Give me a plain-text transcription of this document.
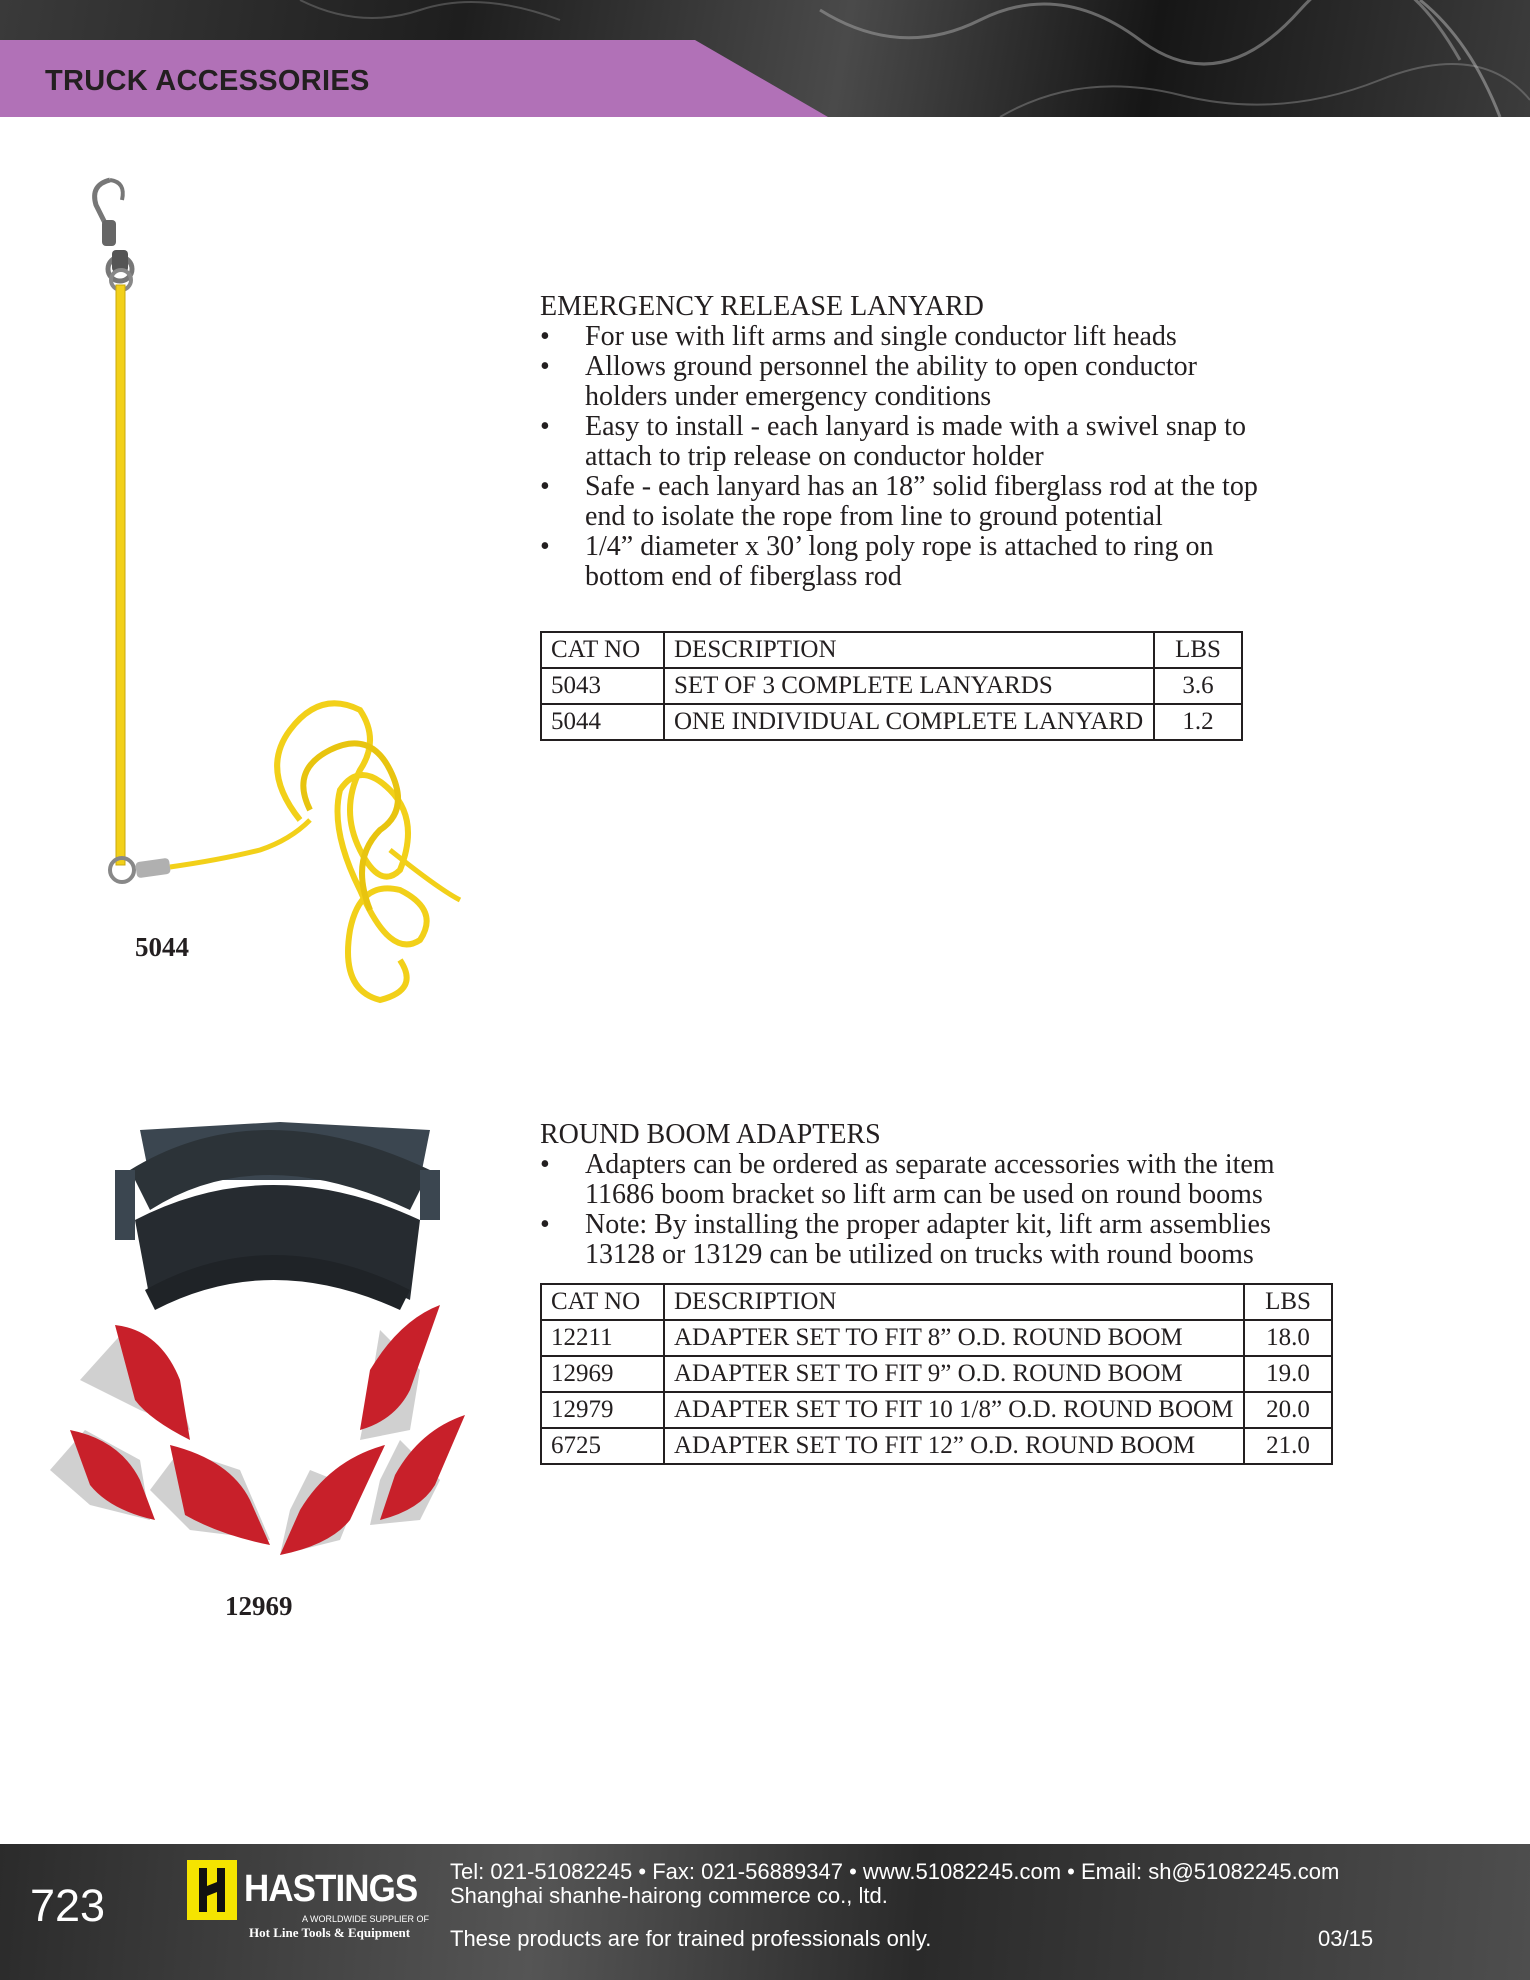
TRUCK ACCESSORIES
5044
EMERGENCY RELEASE LANYARD
• For use with lift arms and single conductor lift heads
• Allows ground personnel the ability to open conductor holders under emergency conditions
• Easy to install - each lanyard is made with a swivel snap to attach to trip release on conductor holder
• Safe - each lanyard has an 18” solid fiberglass rod at the top end to isolate the rope from line to ground potential
• 1/4” diameter x 30’ long poly rope is attached to ring on bottom end of fiberglass rod
CAT NO	DESCRIPTION	LBS
5043	SET OF 3 COMPLETE LANYARDS	3.6
5044	ONE INDIVIDUAL COMPLETE LANYARD	1.2
12969
ROUND BOOM ADAPTERS
• Adapters can be ordered as separate accessories with the item 11686 boom bracket so lift arm can be used on round booms
• Note: By installing the proper adapter kit, lift arm assemblies 13128 or 13129 can be utilized on trucks with round booms
CAT NO	DESCRIPTION	LBS
12211	ADAPTER SET TO FIT 8” O.D. ROUND BOOM	18.0
12969	ADAPTER SET TO FIT 9” O.D. ROUND BOOM	19.0
12979	ADAPTER SET TO FIT 10 1/8” O.D. ROUND BOOM	20.0
6725	ADAPTER SET TO FIT 12” O.D. ROUND BOOM	21.0
723	HASTINGS
A WORLDWIDE SUPPLIER OF
Hot Line Tools & Equipment
Tel: 021-51082245 • Fax: 021-56889347 • www.51082245.com • Email: sh@51082245.com
Shanghai shanhe-hairong commerce co., ltd.
These products are for trained professionals only.	03/15
